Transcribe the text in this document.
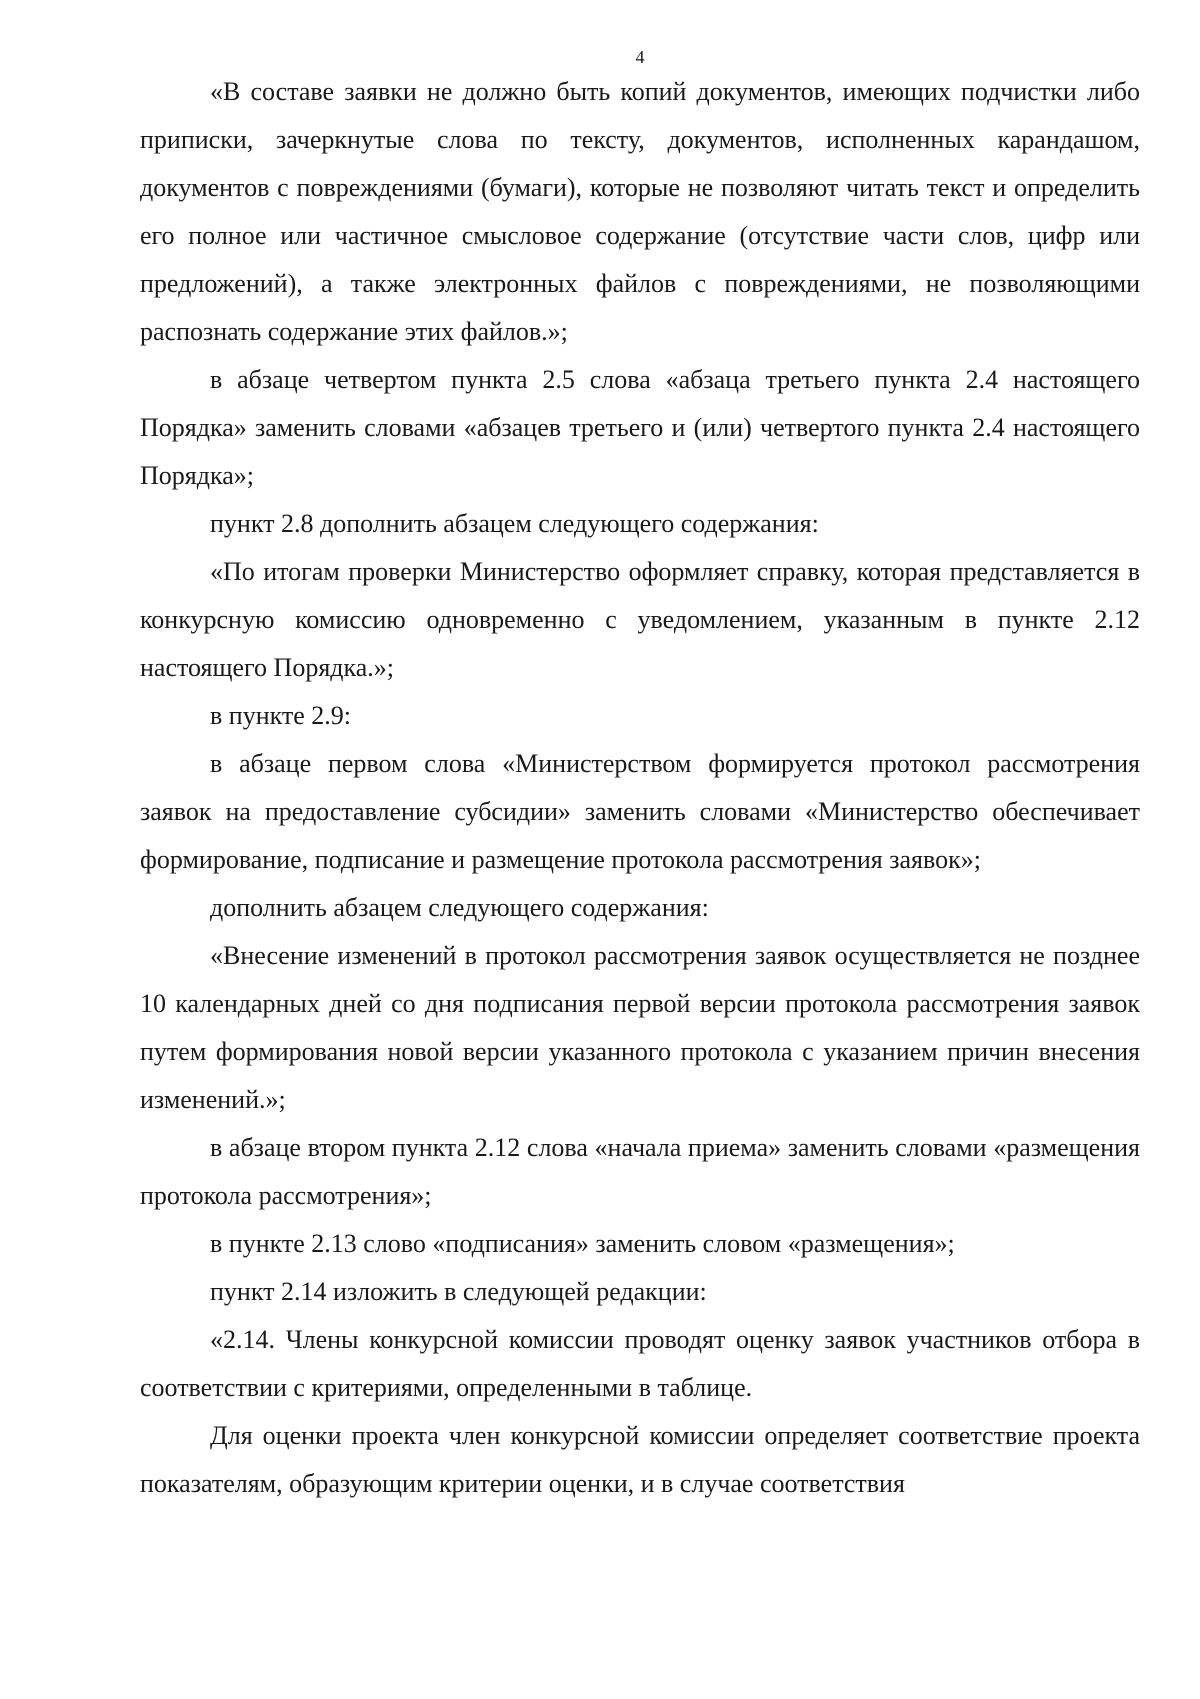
4

«В составе заявки не должно быть копий документов, имеющих подчистки либо приписки, зачеркнутые слова по тексту, документов, исполненных карандашом, документов с повреждениями (бумаги), которые не позволяют читать текст и определить его полное или частичное смысловое содержание (отсутствие части слов, цифр или предложений), а также электронных файлов с повреждениями, не позволяющими распознать содержание этих файлов.»;

в абзаце четвертом пункта 2.5 слова «абзаца третьего пункта 2.4 настоящего Порядка» заменить словами «абзацев третьего и (или) четвертого пункта 2.4 настоящего Порядка»;

пункт 2.8 дополнить абзацем следующего содержания:

«По итогам проверки Министерство оформляет справку, которая представляется в конкурсную комиссию одновременно с уведомлением, указанным в пункте 2.12 настоящего Порядка.»;

в пункте 2.9:

в абзаце первом слова «Министерством формируется протокол рассмотрения заявок на предоставление субсидии» заменить словами «Министерство обеспечивает формирование, подписание и размещение протокола рассмотрения заявок»;

дополнить абзацем следующего содержания:

«Внесение изменений в протокол рассмотрения заявок осуществляется не позднее 10 календарных дней со дня подписания первой версии протокола рассмотрения заявок путем формирования новой версии указанного протокола с указанием причин внесения изменений.»;

в абзаце втором пункта 2.12 слова «начала приема» заменить словами «размещения протокола рассмотрения»;

в пункте 2.13 слово «подписания» заменить словом «размещения»;

пункт 2.14 изложить в следующей редакции:

«2.14. Члены конкурсной комиссии проводят оценку заявок участников отбора в соответствии с критериями, определенными в таблице.

Для оценки проекта член конкурсной комиссии определяет соответствие проекта показателям, образующим критерии оценки, и в случае соответствия
